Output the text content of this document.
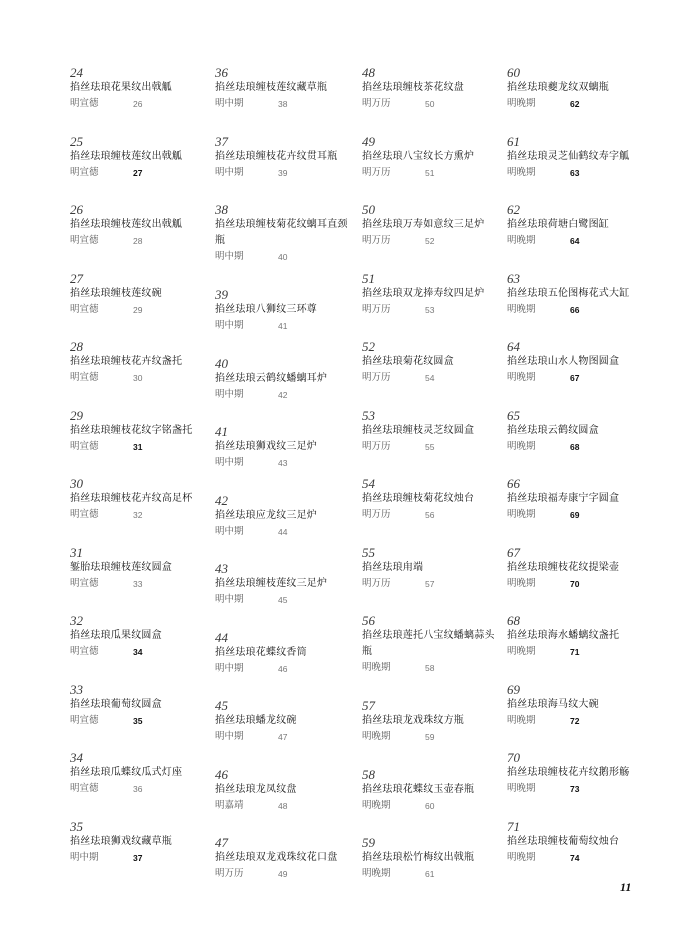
24
掐丝珐琅花果纹出戟觚
明宣德	26
25
掐丝珐琅缠枝莲纹出戟觚
明宣德	27
26
掐丝珐琅缠枝莲纹出戟觚
明宣德	28
27
掐丝珐琅缠枝莲纹碗
明宣德	29
28
掐丝珐琅缠枝花卉纹盏托
明宣德	30
29
掐丝珐琅缠枝花纹字铭盏托
明宣德	31
30
掐丝珐琅缠枝花卉纹高足杯
明宣德	32
31
錾胎珐琅缠枝莲纹圆盒
明宣德	33
32
掐丝珐琅瓜果纹圆盒
明宣德	34
33
掐丝珐琅葡萄纹圆盒
明宣德	35
34
掐丝珐琅瓜蝶纹瓜式灯座
明宣德	36
35
掐丝珐琅狮戏纹藏草瓶
明中期	37
36
掐丝珐琅缠枝莲纹藏草瓶
明中期	38
37
掐丝珐琅缠枝花卉纹贯耳瓶
明中期	39
38
掐丝珐琅缠枝菊花纹螭耳直颈瓶
明中期	40
39
掐丝珐琅八狮纹三环尊
明中期	41
40
掐丝珐琅云鹤纹蟠螭耳炉
明中期	42
41
掐丝珐琅狮戏纹三足炉
明中期	43
42
掐丝珐琅应龙纹三足炉
明中期	44
43
掐丝珐琅缠枝莲纹三足炉
明中期	45
44
掐丝珐琅花蝶纹香筒
明中期	46
45
掐丝珐琅蟠龙纹碗
明中期	47
46
掐丝珐琅龙凤纹盘
明嘉靖	48
47
掐丝珐琅双龙戏珠纹花口盘
明万历	49
48
掐丝珐琅缠枝茶花纹盘
明万历	50
49
掐丝珐琅八宝纹长方熏炉
明万历	51
50
掐丝珐琅万寿如意纹三足炉
明万历	52
51
掐丝珐琅双龙捧寿纹四足炉
明万历	53
52
掐丝珐琅菊花纹圆盒
明万历	54
53
掐丝珐琅缠枝灵芝纹圆盒
明万历	55
54
掐丝珐琅缠枝菊花纹烛台
明万历	56
55
掐丝珐琅甪端
明万历	57
56
掐丝珐琅莲托八宝纹蟠螭蒜头瓶
明晚期	58
57
掐丝珐琅龙戏珠纹方瓶
明晚期	59
58
掐丝珐琅花蝶纹玉壶春瓶
明晚期	60
59
掐丝珐琅松竹梅纹出戟瓶
明晚期	61
60
掐丝珐琅夔龙纹双螭瓶
明晚期	62
61
掐丝珐琅灵芝仙鹤纹寿字觚
明晚期	63
62
掐丝珐琅荷塘白鹭图缸
明晚期	64
63
掐丝珐琅五伦图梅花式大缸
明晚期	66
64
掐丝珐琅山水人物图圆盒
明晚期	67
65
掐丝珐琅云鹤纹圆盒
明晚期	68
66
掐丝珐琅福寿康宁字圆盒
明晚期	69
67
掐丝珐琅缠枝花纹提梁壶
明晚期	70
68
掐丝珐琅海水蟠螭纹盏托
明晚期	71
69
掐丝珐琅海马纹大碗
明晚期	72
70
掐丝珐琅缠枝花卉纹鹅形觞
明晚期	73
71
掐丝珐琅缠枝葡萄纹烛台
明晚期	74
11
